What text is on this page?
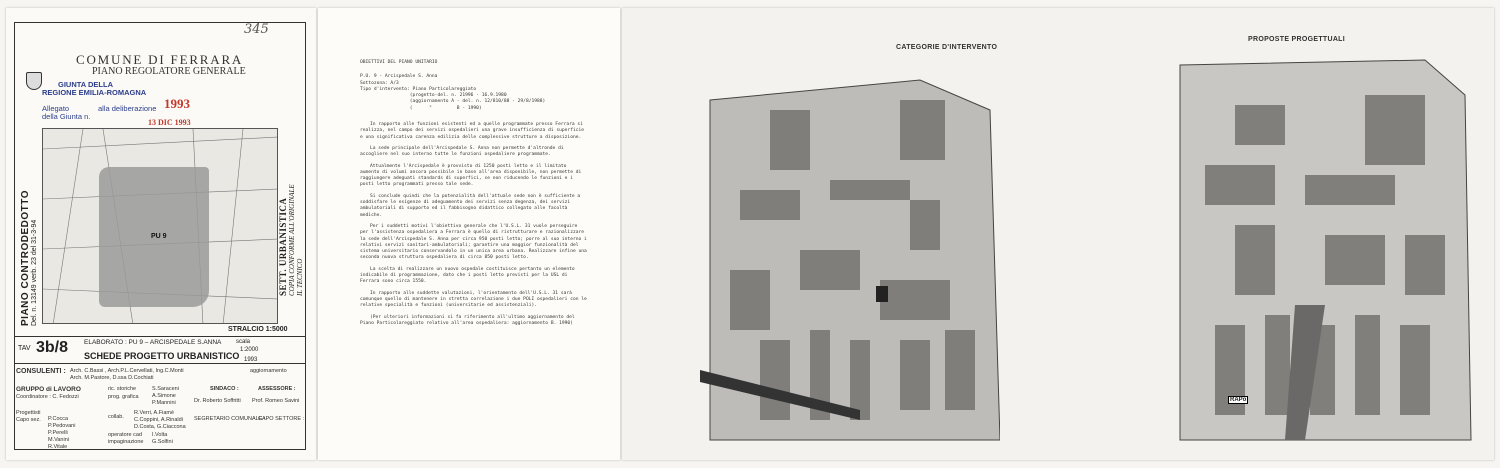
345
COMUNE DI FERRARA
PIANO REGOLATORE GENERALE
GIUNTA DELLA
REGIONE EMILIA-ROMAGNA
Allegato	alla deliberazione
della Giunta n.
1993
13 DIC 1993
PU 9
PIANO CONTRODEDOTTO Del. n. 13149 verb. 23 del 31-3-94	SETT. URBANISTICA COPIA CONFORME ALL'ORIGINALE IL TECNICO
STRALCIO 1:5000
TAV 3b/8 ELABORATO : PU 9 – ARCISPEDALE S.ANNA
SCHEDE PROGETTO URBANISTICO
scala
1:2000
1993
CONSULENTI : Arch. C.Bassi , Arch.P.L.Cervellati, Ing.C.Monti
Arch. M.Pastore, D.ssa D.Cochiati
aggiornamento
GRUPPO di LAVORO
Coordinatore : C. Fedozzi
ric. storiche
prog. grafica
S.Saraceni A.Simone P.Mannini
SINDACO :
Dr. Roberto Soffritti
ASSESSORE :
Prof. Romeo Savini
Progettisti
Capo sez. P.Cocca P.Pedovani P.Perelli M.Vanini R.Vitale
collab.
R.Verri, A.Fiamè C.Coppini, A.Rinaldi D.Costa, G.Ciaccona
SEGRETARIO COMUNALE :
CAPO SETTORE :
operatore cad impaginazione
I.Volta G.Solfini
OBIETTIVI DEL PIANO UNITARIO
P.U. 9 - Arcispedale S. Anna
Sottozona: A/3
Tipo d'intervento: Piano Particolareggiato
(progetto-del. n. 21996 - 16.9.1980
(aggiornamento A - del. n. 12/810/88 - 29/8/1988)
(      "         B - 1990)

In rapporto alle funzioni esistenti ed a quelle programmate presso Ferrara si realizza, nel campo dei servizi ospedalieri una grave insufficienza di superficie e una significativa carenza edilizia delle complessive strutture a disposizione.

La sede principale dell'Arcispedale S. Anna non permette d'altronde di accogliere nel suo interno tutte le funzioni ospedaliere programmate.

Attualmente l'Arcispedale è provvisto di 1250 posti letto e il limitato aumento di volumi ancora possibile in base all'area disponibile, non permette di raggiungere adeguati standards di superfici, se non riducendo le funzioni e i posti letto programmati presso tale sede.

Si conclude quindi che la potenzialità dell'attuale sede non è sufficiente a soddisfare le esigenze di adeguamento dei servizi senza degenza, dei servizi ambulatoriali di supporto ed il fabbisogno didattico collegato alle facoltà mediche.

Per i suddetti motivi l'obiettivo generale che l'U.S.L. 31 vuole perseguire per l'assistenza ospedaliera a Ferrara è quello di ristrutturare e razionalizzare la sede dell'Arcispedale S. Anna per circa 950 posti letto; porre al suo interno i relativi servizi sanitari-ambulatoriali; garantire una maggior funzionalità del sistema universitario conservandolo in un unica area urbana. Realizzare infine una seconda nuova struttura ospedaliera di circa 850 posti letto.

La scelta di realizzare un nuovo ospedale costituisce pertanto un elemento indicabile di programmazione, dato che i posti letto previsti per la USL di Ferrara sono circa 1550.

In rapporto alle suddette valutazioni, l'orientamento dell'U.S.L. 31 sarà comunque quello di mantenere in stretta correlazione i due POLI ospedalieri con le relative specialità e funzioni (universitarie ed assistenziali).

(Per ulteriori informazioni si fa riferimento all'ultimo aggiornamento del Piano Particolareggiato relativo all'area ospedaliera: aggiornamento B. 1990)

CATEGORIE D'INTERVENTO
PROPOSTE PROGETTUALI
RAPo
